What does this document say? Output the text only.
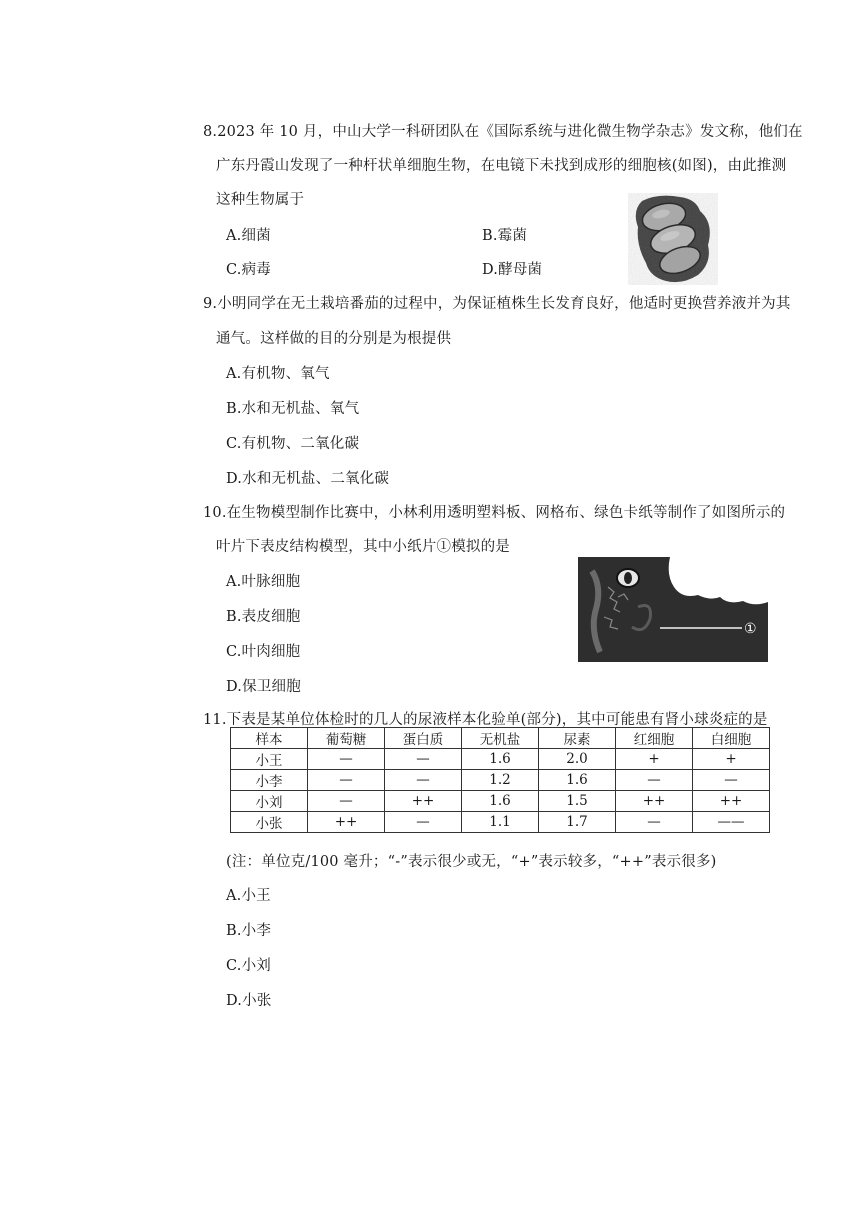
8.2023 年 10 月，中山大学一科研团队在《国际系统与进化微生物学杂志》发文称，他们在
广东丹霞山发现了一种杆状单细胞生物，在电镜下未找到成形的细胞核(如图)，由此推测
这种生物属于
A.细菌	B.霉菌
C.病毒	D.酵母菌
9.小明同学在无土栽培番茄的过程中，为保证植株生长发育良好，他适时更换营养液并为其
通气。这样做的目的分别是为根提供
A.有机物、氧气
B.水和无机盐、氧气
C.有机物、二氧化碳
D.水和无机盐、二氧化碳
10.在生物模型制作比赛中，小林利用透明塑料板、网格布、绿色卡纸等制作了如图所示的
叶片下表皮结构模型，其中小纸片①模拟的是
A.叶脉细胞
B.表皮细胞
C.叶肉细胞
D.保卫细胞
①
11.下表是某单位体检时的几人的尿液样本化验单(部分)，其中可能患有肾小球炎症的是
样本	葡萄糖	蛋白质	无机盐	尿素	红细胞	白细胞
小王	—	—	1.6	2.0	+	+
小李	—	—	1.2	1.6	—	—
小刘	—	++	1.6	1.5	++	++
小张	++	—	1.1	1.7	—	——
(注：单位克/100 毫升；“-”表示很少或无，“+”表示较多，“++”表示很多)
A.小王
B.小李
C.小刘
D.小张
